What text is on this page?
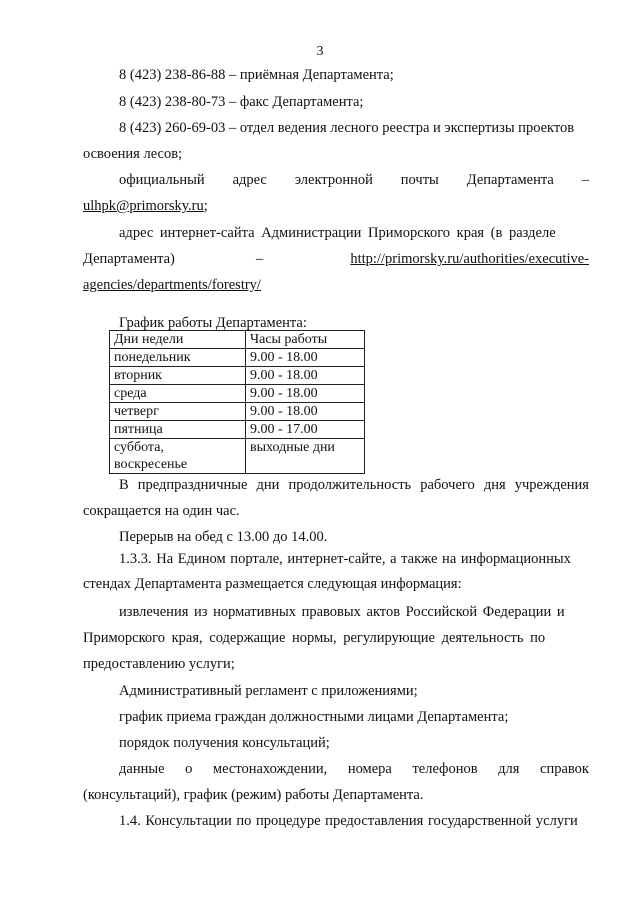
3
8 (423) 238-86-88 – приёмная Департамента;
8 (423) 238-80-73 – факс Департамента;
8 (423) 260-69-03 – отдел ведения лесного реестра и экспертизы проектов
освоения лесов;
официальный адрес электронной почты Департамента –
ulhpk@primorsky.ru;
адрес интернет-сайта Администрации Приморского края (в разделе
Департамента)	–	http://primorsky.ru/authorities/executive-
agencies/departments/forestry/
График работы Департамента:
Дни недели	Часы работы
понедельник	9.00 - 18.00
вторник	9.00 - 18.00
среда	9.00 - 18.00
четверг	9.00 - 18.00
пятница	9.00 - 17.00
суббота,
воскресенье	выходные дни
В предпраздничные дни продолжительность рабочего дня учреждения
сокращается на один час.
Перерыв на обед с 13.00 до 14.00.
1.3.3. На Едином портале, интернет-сайте, а также на информационных
стендах Департамента размещается следующая информация:
извлечения из нормативных правовых актов Российской Федерации и
Приморского края, содержащие нормы, регулирующие деятельность по
предоставлению услуги;
Административный регламент с приложениями;
график приема граждан должностными лицами Департамента;
порядок получения консультаций;
данные о местонахождении, номера телефонов для справок
(консультаций), график (режим) работы Департамента.
1.4. Консультации по процедуре предоставления государственной услуги
